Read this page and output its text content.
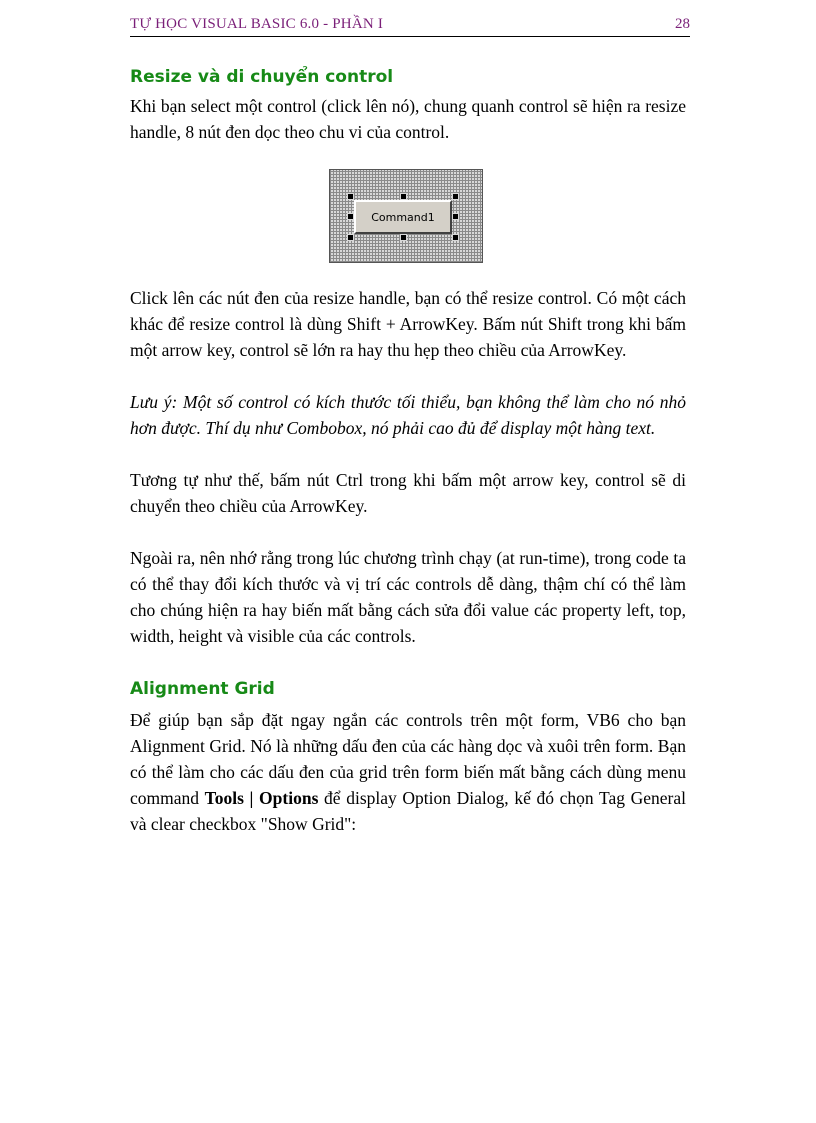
TỰ HỌC VISUAL BASIC 6.0 - PHẦN I	28
Resize và di chuyển control

Khi bạn select một control (click lên nó), chung quanh control sẽ hiện ra resize handle, 8 nút đen dọc theo chu vi của control.

Command1

Click lên các nút đen của resize handle, bạn có thể resize control. Có một cách khác để resize control là dùng Shift + ArrowKey. Bấm nút Shift trong khi bấm một arrow key, control sẽ lớn ra hay thu hẹp theo chiều của ArrowKey.

Lưu ý: Một số control có kích thước tối thiểu, bạn không thể làm cho nó nhỏ hơn được. Thí dụ như Combobox, nó phải cao đủ để display một hàng text.

Tương tự như thế, bấm nút Ctrl trong khi bấm một arrow key, control sẽ di chuyển theo chiều của ArrowKey.

Ngoài ra, nên nhớ rằng trong lúc chương trình chạy (at run-time), trong code ta có thể thay đổi kích thước và vị trí các controls dễ dàng, thậm chí có thể làm cho chúng hiện ra hay biến mất bằng cách sửa đổi value các property left, top, width, height và visible của các controls.

Alignment Grid

Để giúp bạn sắp đặt ngay ngắn các controls trên một form, VB6 cho bạn Alignment Grid. Nó là những dấu đen của các hàng dọc và xuôi trên form. Bạn có thể làm cho các dấu đen của grid trên form biến mất bằng cách dùng menu command Tools | Options để display Option Dialog, kế đó chọn Tag General và clear checkbox "Show Grid":
